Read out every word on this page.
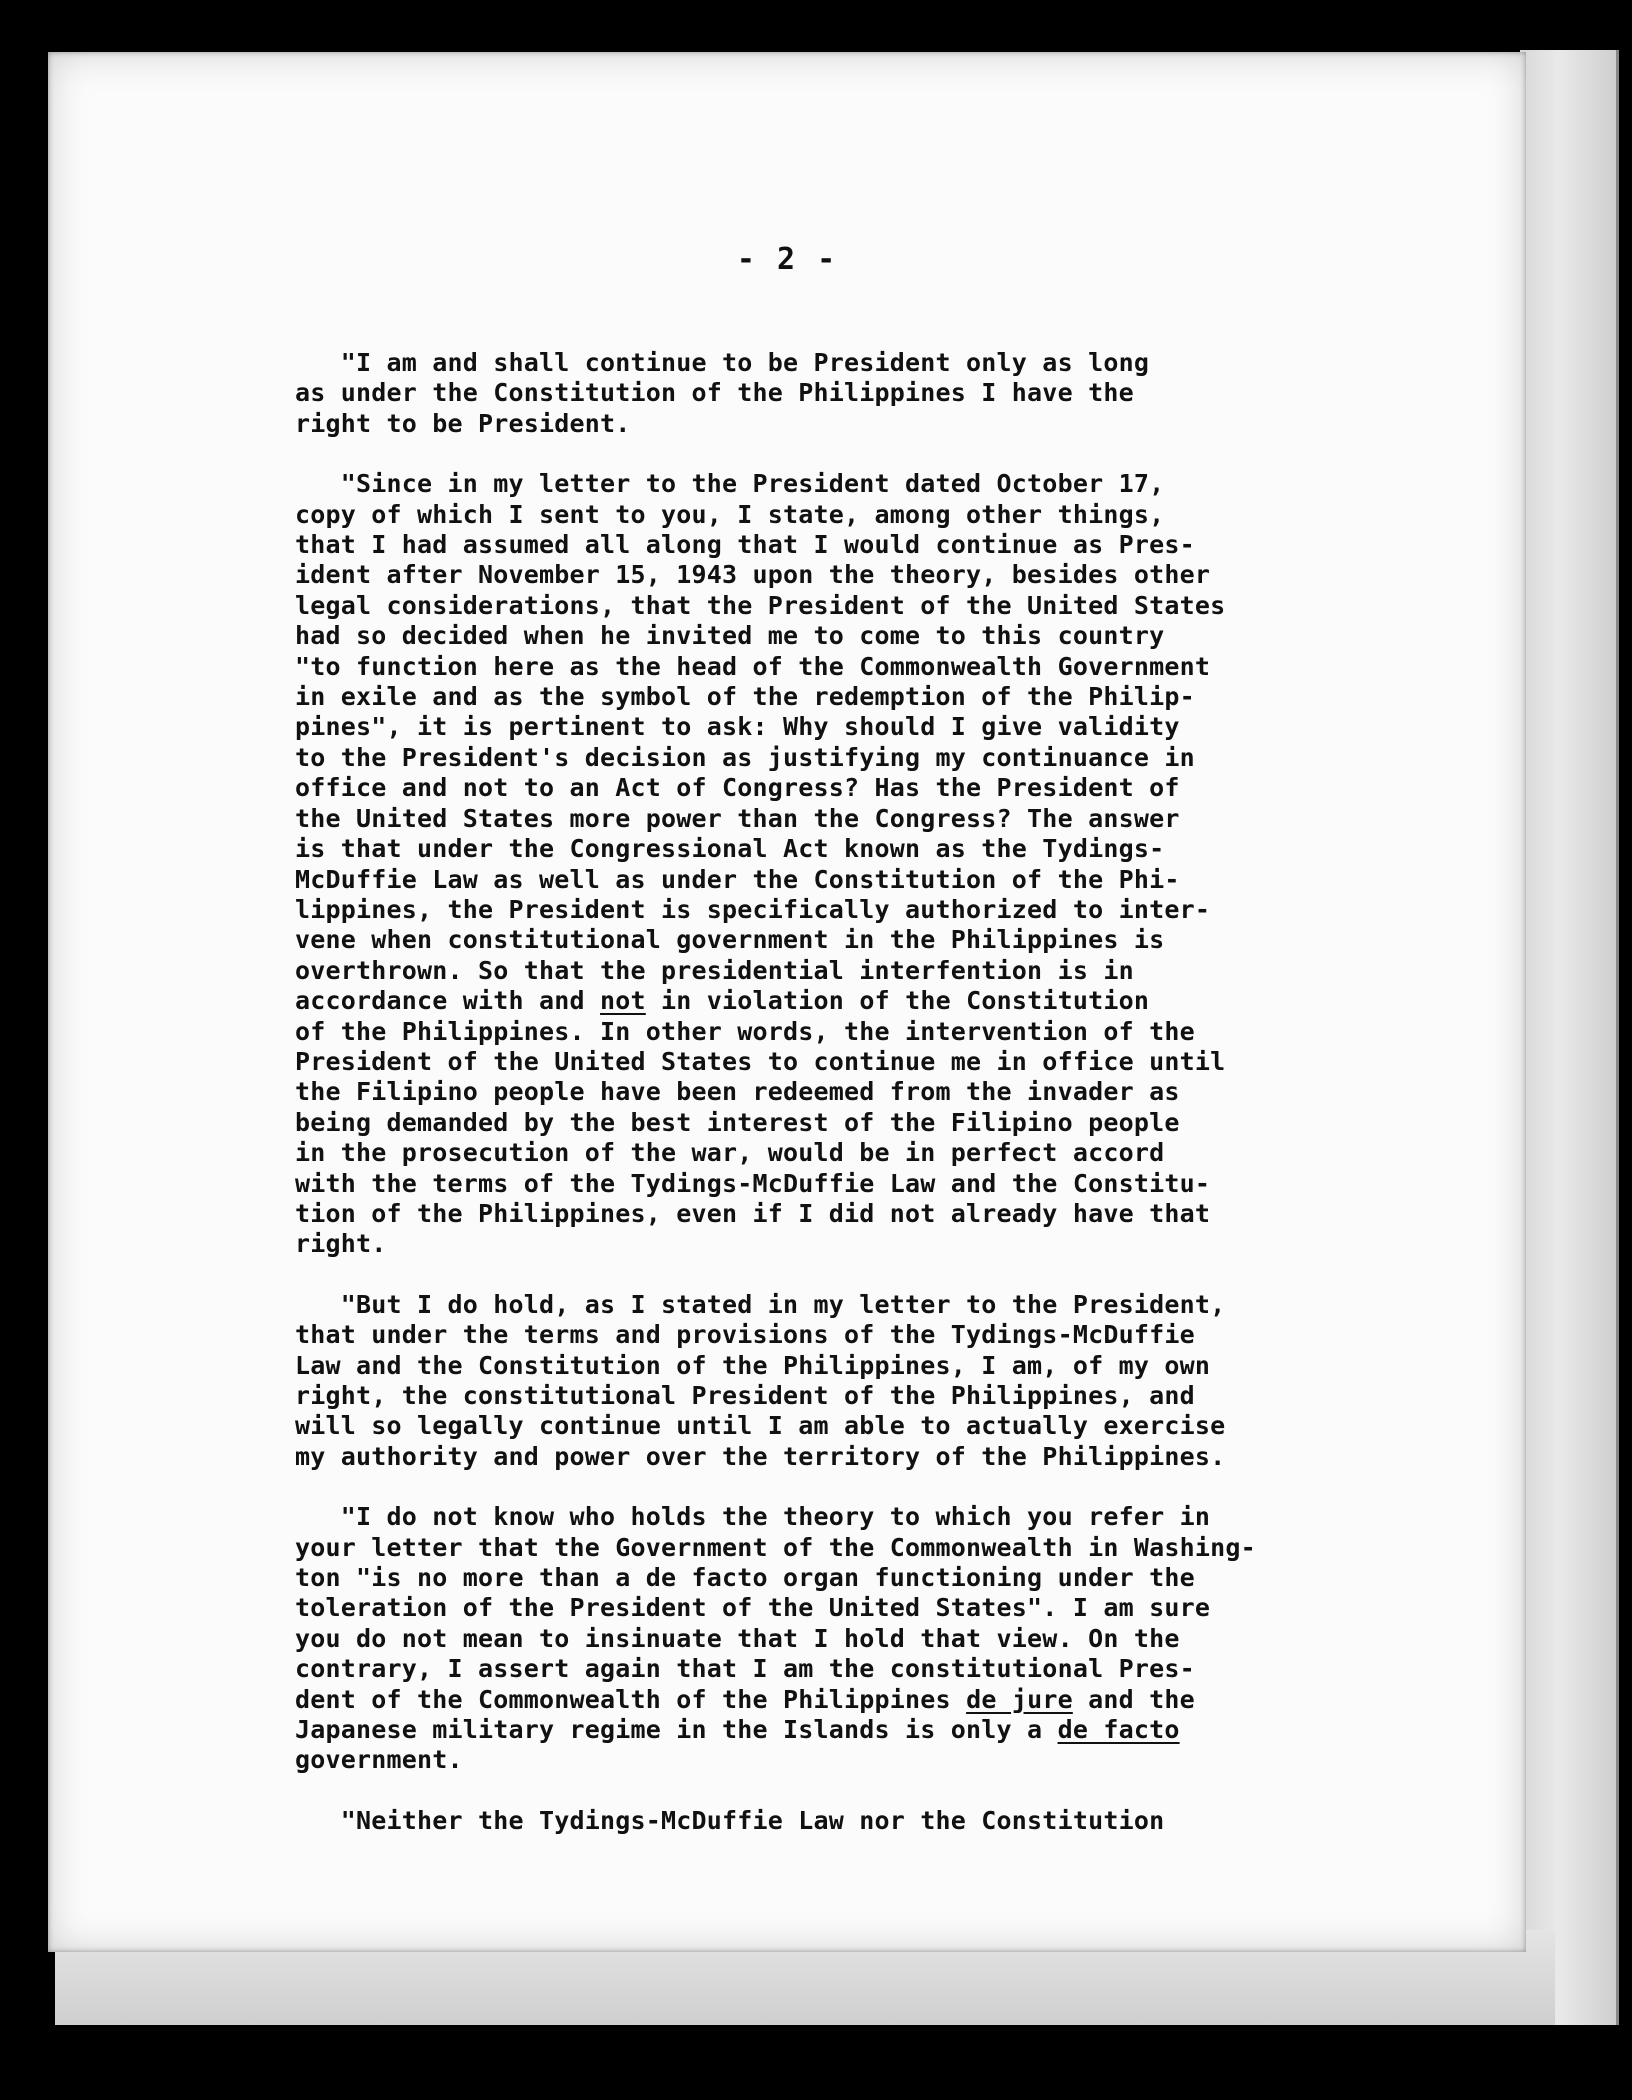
- 2 -
"I am and shall continue to be President only as long
as under the Constitution of the Philippines I have the
right to be President.
"Since in my letter to the President dated October 17,
copy of which I sent to you, I state, among other things,
that I had assumed all along that I would continue as Pres-
ident after November 15, 1943 upon the theory, besides other
legal considerations, that the President of the United States
had so decided when he invited me to come to this country
"to function here as the head of the Commonwealth Government
in exile and as the symbol of the redemption of the Philip-
pines", it is pertinent to ask: Why should I give validity
to the President's decision as justifying my continuance in
office and not to an Act of Congress? Has the President of
the United States more power than the Congress? The answer
is that under the Congressional Act known as the Tydings-
McDuffie Law as well as under the Constitution of the Phi-
lippines, the President is specifically authorized to inter-
vene when constitutional government in the Philippines is
overthrown. So that the presidential interfention is in
accordance with and not in violation of the Constitution
of the Philippines. In other words, the intervention of the
President of the United States to continue me in office until
the Filipino people have been redeemed from the invader as
being demanded by the best interest of the Filipino people
in the prosecution of the war, would be in perfect accord
with the terms of the Tydings-McDuffie Law and the Constitu-
tion of the Philippines, even if I did not already have that
right.
"But I do hold, as I stated in my letter to the President,
that under the terms and provisions of the Tydings-McDuffie
Law and the Constitution of the Philippines, I am, of my own
right, the constitutional President of the Philippines, and
will so legally continue until I am able to actually exercise
my authority and power over the territory of the Philippines.
"I do not know who holds the theory to which you refer in
your letter that the Government of the Commonwealth in Washing-
ton "is no more than a de facto organ functioning under the
toleration of the President of the United States". I am sure
you do not mean to insinuate that I hold that view. On the
contrary, I assert again that I am the constitutional Pres-
dent of the Commonwealth of the Philippines de jure and the
Japanese military regime in the Islands is only a de facto
government.
"Neither the Tydings-McDuffie Law nor the Constitution
